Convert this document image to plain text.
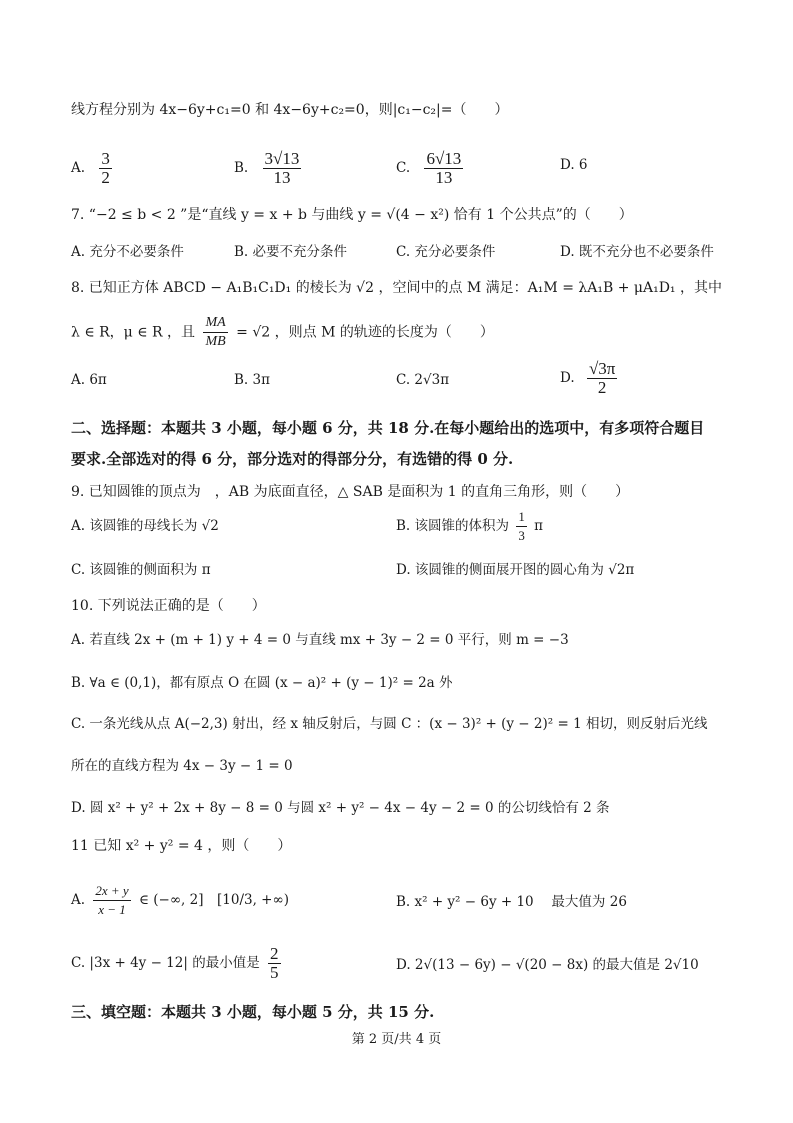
线方程分别为 4x−6y+c₁=0 和 4x−6y+c₂=0，则|c₁−c₂|=（　　）
A. $\frac{3}{2}$	B. $\frac{3√13}{13}$	C. $\frac{6√13}{13}$	D. 6
7. “−2 ≤ b < 2 ”是“直线 y = x + b 与曲线 y = √(4 − x²) 恰有 1 个公共点”的（　　）
A. 充分不必要条件	B. 必要不充分条件	C. 充分必要条件	D. 既不充分也不必要条件
8. 已知正方体 ABCD − A₁B₁C₁D₁ 的棱长为 √2 ，空间中的点 M 满足：A₁M = λA₁B + μA₁D₁ ，其中
λ ∈ R，μ ∈ R ，且 $\frac{MA}{MB} = √2$ ，则点 M 的轨迹的长度为（　　）
A. 6π	B. 3π	C. 2√3π	D. $\frac{√3\pi}{2}$
二、选择题：本题共 3 小题，每小题 6 分，共 18 分.在每小题给出的选项中，有多项符合题目
要求.全部选对的得 6 分，部分选对的得部分分，有选错的得 0 分.
9. 已知圆锥的顶点为　，AB 为底面直径，△ SAB 是面积为 1 的直角三角形，则（　　）
A. 该圆锥的母线长为 √2	B. 该圆锥的体积为 $\frac{1}{3}$ π
C. 该圆锥的侧面积为 π	D. 该圆锥的侧面展开图的圆心角为 √2π
10. 下列说法正确的是（　　）
A. 若直线 2x + (m + 1) y + 4 = 0 与直线 mx + 3y − 2 = 0 平行，则 m = −3
B. ∀a ∈ (0,1)，都有原点 O 在圆 (x − a)² + (y − 1)² = 2a 外
C. 一条光线从点 A(−2,3) 射出，经 x 轴反射后，与圆 C ：(x − 3)² + (y − 2)² = 1 相切，则反射后光线
所在的直线方程为 4x − 3y − 1 = 0
D. 圆 x² + y² + 2x + 8y − 8 = 0 与圆 x² + y² − 4x − 4y − 2 = 0 的公切线恰有 2 条
11 已知 x² + y² = 4 ，则（　　）
A. $\frac{2x + y}{x - 1}$ ∈ (−∞, 2]　[10/3, +∞)	B. x² + y² − 6y + 10　 最大值为 26
C. |3x + 4y − 12| 的最小值是 $\frac{2}{5}$	D. 2√(13 − 6y) − √(20 − 8x) 的最大值是 2√10
三、填空题：本题共 3 小题，每小题 5 分，共 15 分.
第 2 页/共 4 页
